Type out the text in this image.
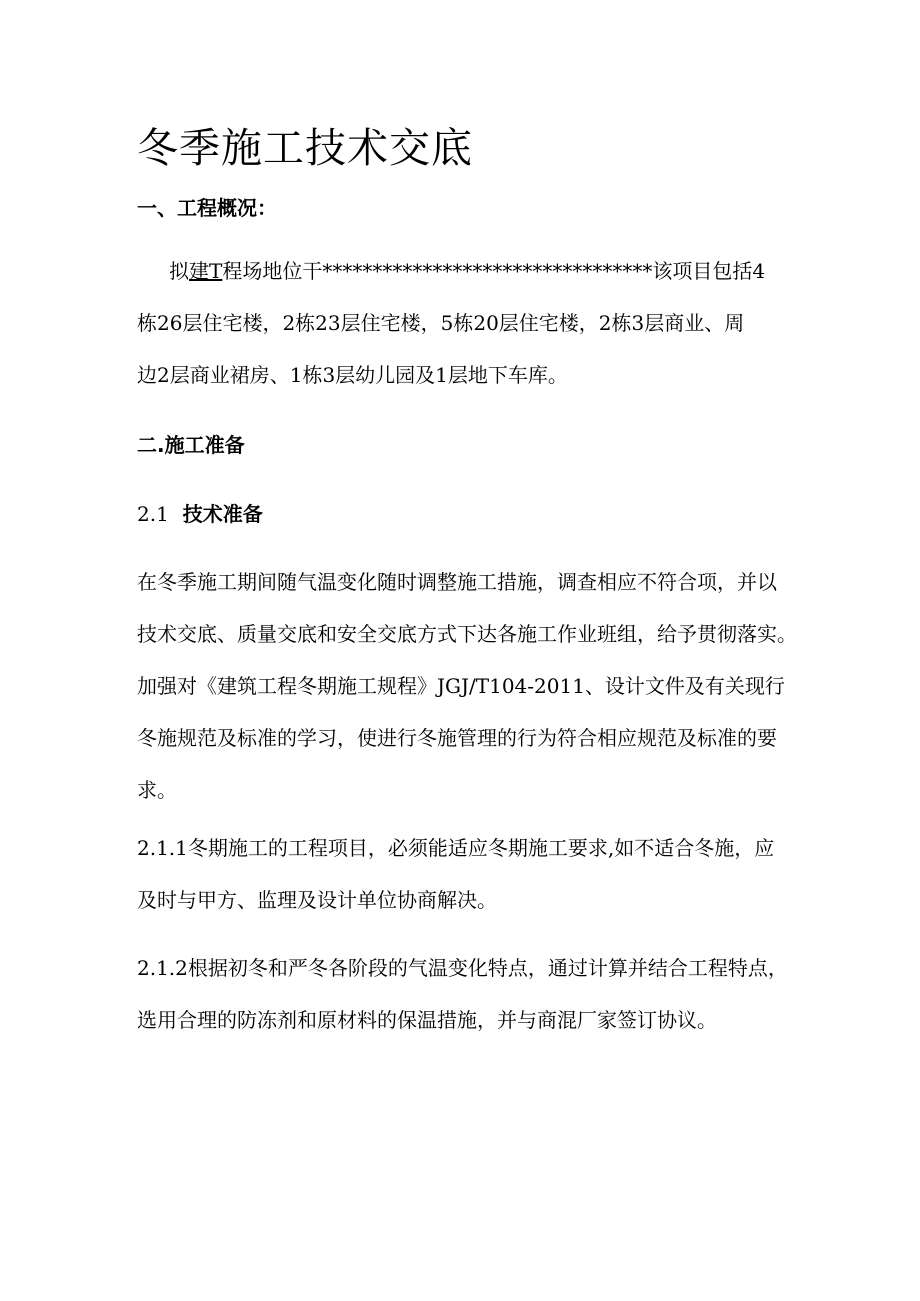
冬季施工技术交底
一、工程概况：
拟建T程场地位干*********************************该项目包括4
栋26层住宅楼，2栋23层住宅楼，5栋20层住宅楼，2栋3层商业、周
边2层商业裙房、1栋3层幼儿园及1层地下车库。
二.施工准备
2.1 技术准备
在冬季施工期间随气温变化随时调整施工措施，调查相应不符合项，并以
技术交底、质量交底和安全交底方式下达各施工作业班组，给予贯彻落实。
加强对《建筑工程冬期施工规程》JGJ/T104-2011、设计文件及有关现行
冬施规范及标准的学习，使进行冬施管理的行为符合相应规范及标准的要
求。
2.1.1冬期施工的工程项目，必须能适应冬期施工要求,如不适合冬施，应
及时与甲方、监理及设计单位协商解决。
2.1.2根据初冬和严冬各阶段的气温变化特点，通过计算并结合工程特点，
选用合理的防冻剂和原材料的保温措施，并与商混厂家签订协议。
